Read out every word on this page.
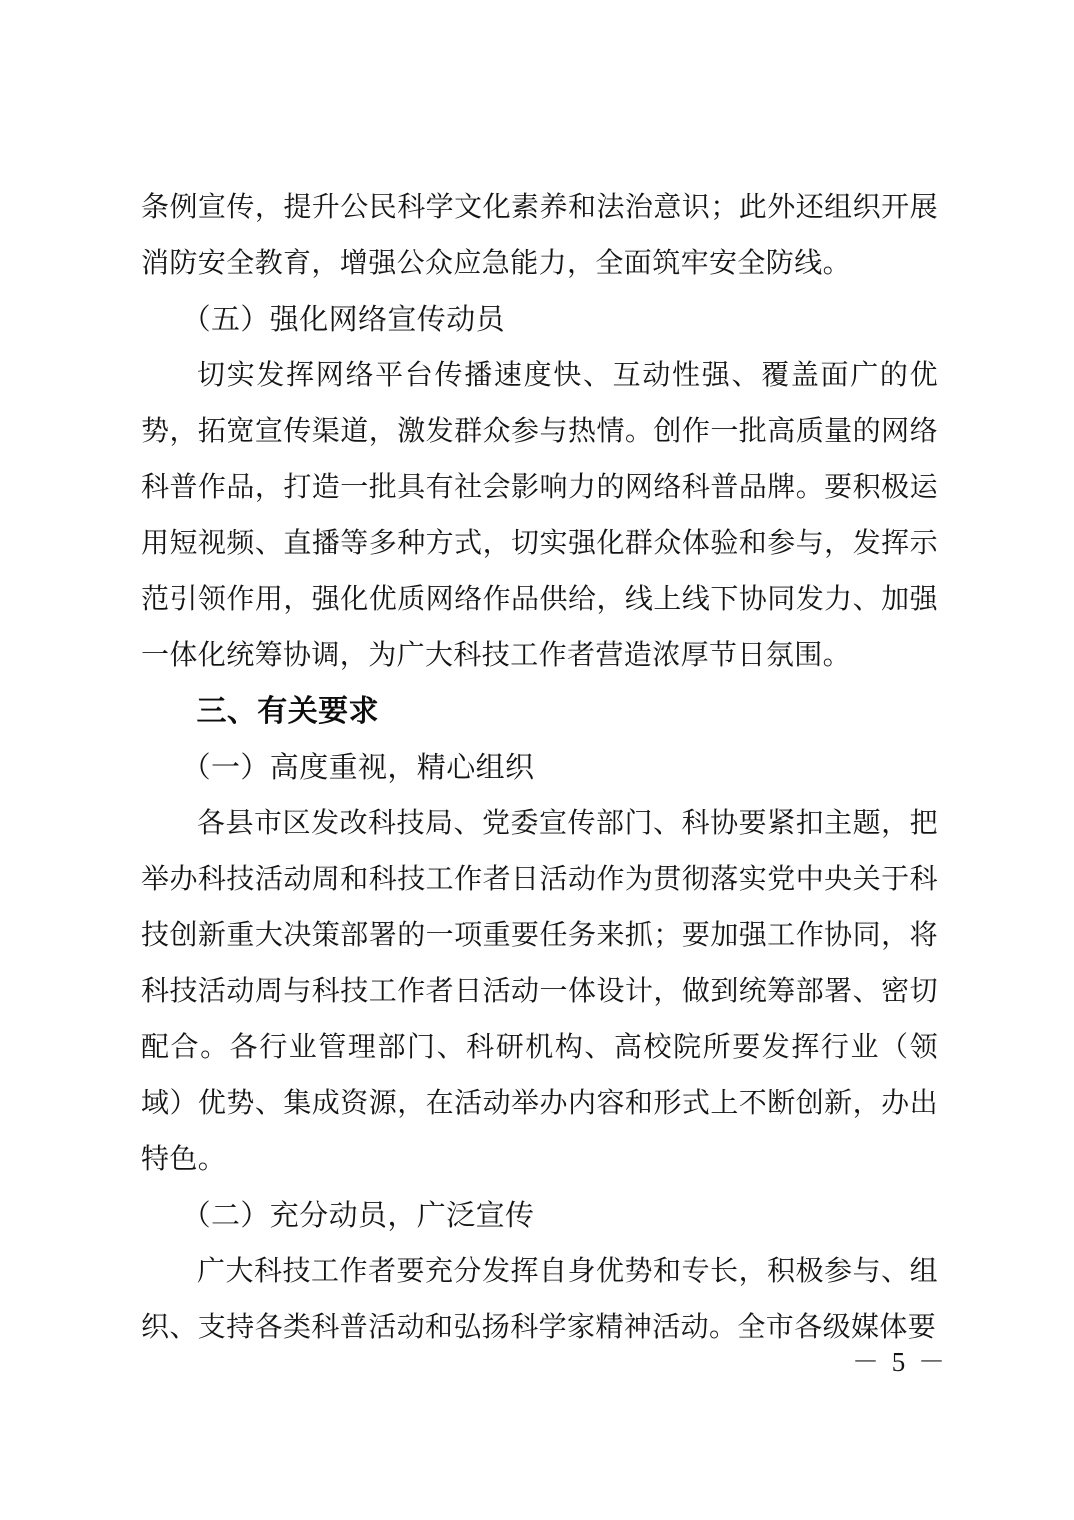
条例宣传，提升公民科学文化素养和法治意识；此外还组织开展消防安全教育，增强公众应急能力，全面筑牢安全防线。

（五）强化网络宣传动员

切实发挥网络平台传播速度快、互动性强、覆盖面广的优势，拓宽宣传渠道，激发群众参与热情。创作一批高质量的网络科普作品，打造一批具有社会影响力的网络科普品牌。要积极运用短视频、直播等多种方式，切实强化群众体验和参与，发挥示范引领作用，强化优质网络作品供给，线上线下协同发力、加强一体化统筹协调，为广大科技工作者营造浓厚节日氛围。

三、有关要求

（一）高度重视，精心组织

各县市区发改科技局、党委宣传部门、科协要紧扣主题，把举办科技活动周和科技工作者日活动作为贯彻落实党中央关于科技创新重大决策部署的一项重要任务来抓；要加强工作协同，将科技活动周与科技工作者日活动一体设计，做到统筹部署、密切配合。各行业管理部门、科研机构、高校院所要发挥行业（领域）优势、集成资源，在活动举办内容和形式上不断创新，办出特色。

（二）充分动员，广泛宣传

广大科技工作者要充分发挥自身优势和专长，积极参与、组织、支持各类科普活动和弘扬科学家精神活动。全市各级媒体要

－ 5 －
